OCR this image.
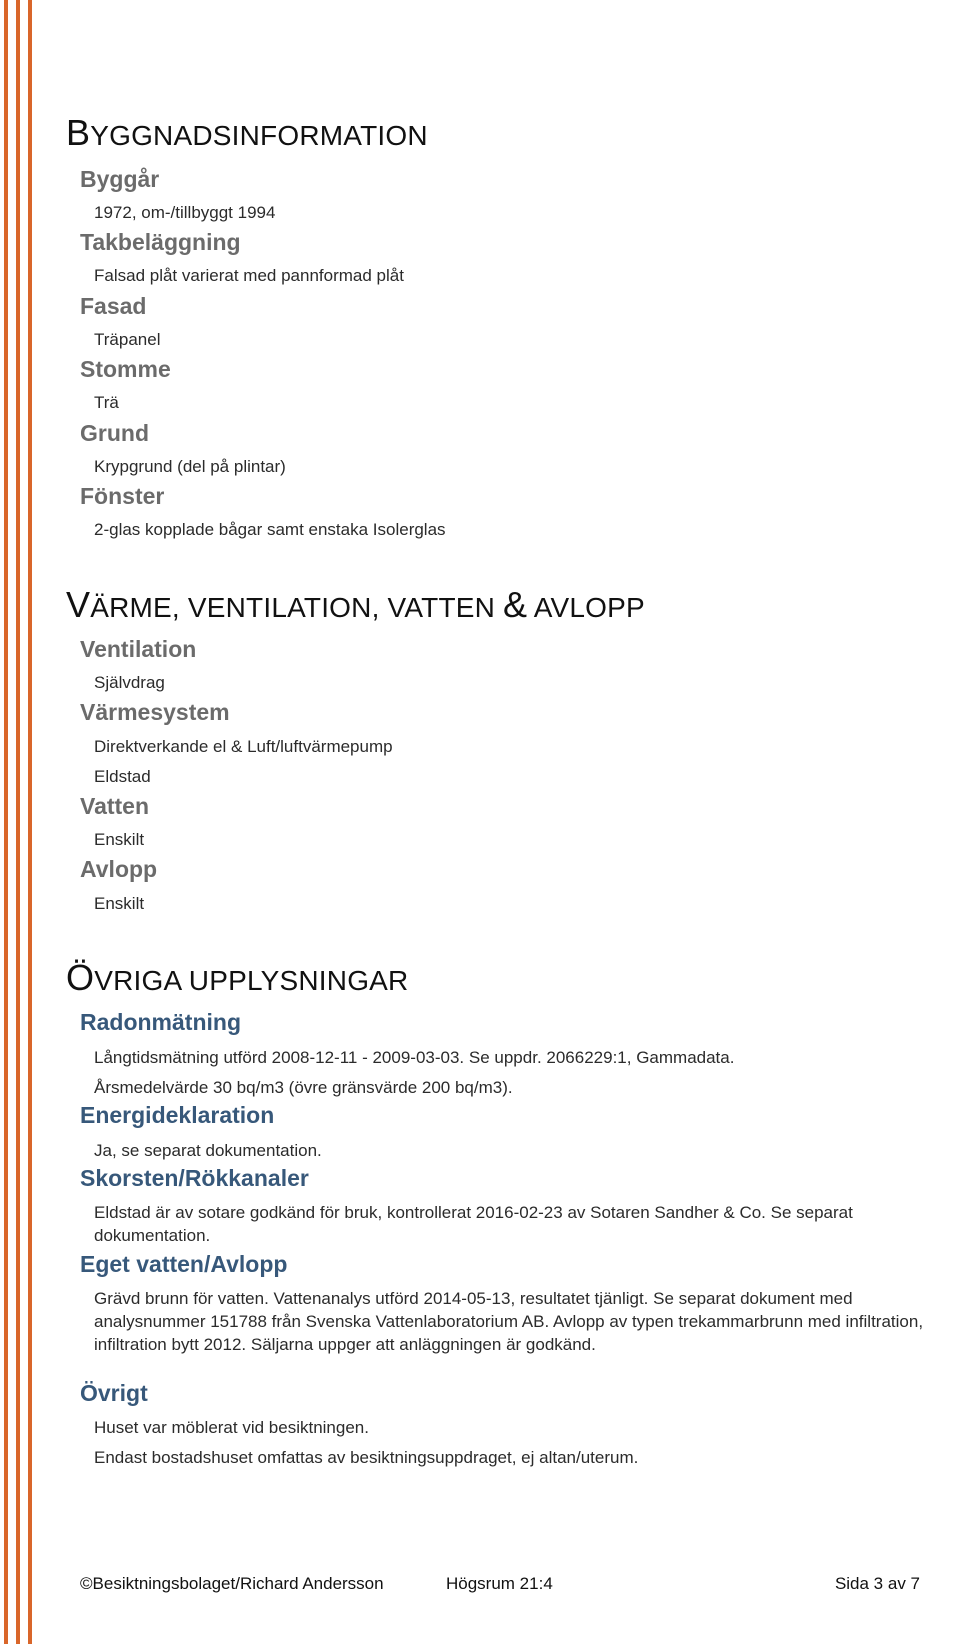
BYGGNADSINFORMATION
Byggår

1972, om-/tillbyggt 1994

Takbeläggning

Falsad plåt varierat med pannformad plåt

Fasad

Träpanel

Stomme

Trä

Grund

Krypgrund (del på plintar)

Fönster

2-glas kopplade bågar samt enstaka Isolerglas

VÄRME, VENTILATION, VATTEN & AVLOPP
Ventilation

Självdrag

Värmesystem

Direktverkande el & Luft/luftvärmepump

Eldstad

Vatten

Enskilt

Avlopp

Enskilt

ÖVRIGA UPPLYSNINGAR
Radonmätning

Långtidsmätning utförd 2008-12-11 - 2009-03-03. Se uppdr. 2066229:1, Gammadata.

Årsmedelvärde 30 bq/m3 (övre gränsvärde 200 bq/m3).

Energideklaration

Ja, se separat dokumentation.

Skorsten/Rökkanaler

Eldstad är av sotare godkänd för bruk, kontrollerat 2016-02-23 av Sotaren Sandher & Co. Se separat dokumentation.

Eget vatten/Avlopp

Grävd brunn för vatten. Vattenanalys utförd 2014-05-13, resultatet tjänligt. Se separat dokument med analysnummer 151788 från Svenska Vattenlaboratorium AB. Avlopp av typen trekammarbrunn med infiltration, infiltration bytt 2012. Säljarna uppger att anläggningen är godkänd.

Övrigt

Huset var möblerat vid besiktningen.

Endast bostadshuset omfattas av besiktningsuppdraget, ej altan/uterum.

©Besiktningsbolaget/Richard Andersson	Högsrum 21:4	Sida 3 av 7
